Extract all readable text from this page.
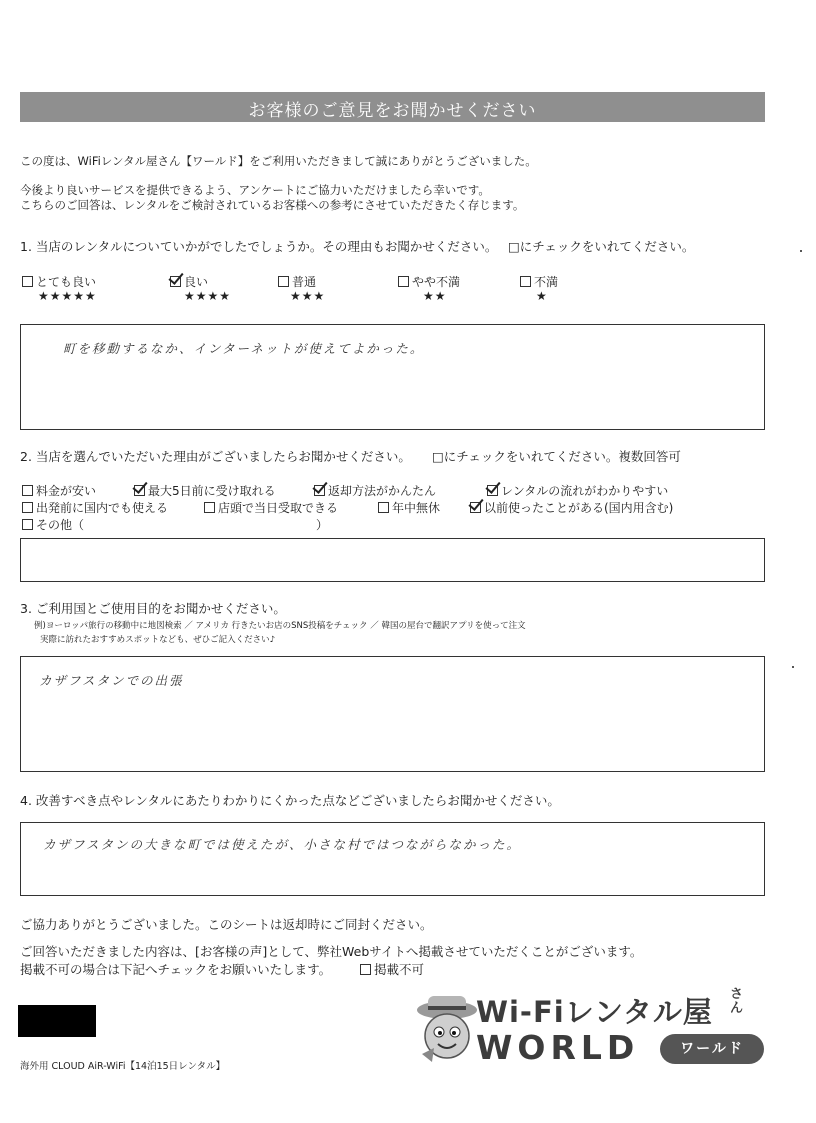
お客様のご意見をお聞かせください
この度は、WiFiレンタル屋さん【ワールド】をご利用いただきまして誠にありがとうございました。
今後より良いサービスを提供できるよう、アンケートにご協力いただけましたら幸いです。
こちらのご回答は、レンタルをご検討されているお客様への参考にさせていただきたく存じます。
1. 当店のレンタルについていかがでしたでしょうか。その理由もお聞かせください。 □にチェックをいれてください。
とても良い
★★★★★
良い
★★★★
普通
★★★
やや不満
★★
不満
★
町を移動するなか、インターネットが使えてよかった。
2. 当店を選んでいただいた理由がございましたらお聞かせください。 □にチェックをいれてください。複数回答可
料金が安い	最大5日前に受け取れる	返却方法がかんたん	レンタルの流れがわかりやすい
出発前に国内でも使える	店頭で当日受取できる	年中無休	以前使ったことがある(国内用含む)
その他（	）
3. ご利用国とご使用目的をお聞かせください。
例)ヨーロッパ旅行の移動中に地図検索 ／ アメリカ 行きたいお店のSNS投稿をチェック ／ 韓国の屋台で翻訳アプリを使って注文
実際に訪れたおすすめスポットなども、ぜひご記入ください♪
カザフスタンでの出張
4. 改善すべき点やレンタルにあたりわかりにくかった点などございましたらお聞かせください。
カザフスタンの大きな町では使えたが、小さな村ではつながらなかった。
ご協力ありがとうございました。このシートは返却時にご同封ください。
ご回答いただきました内容は、[お客様の声]として、弊社Webサイトへ掲載させていただくことがございます。
掲載不可の場合は下記へチェックをお願いいたします。	掲載不可
海外用 CLOUD AiR-WiFi【14泊15日レンタル】
Wi-Fiレンタル屋
さん
WORLD	ワールド
